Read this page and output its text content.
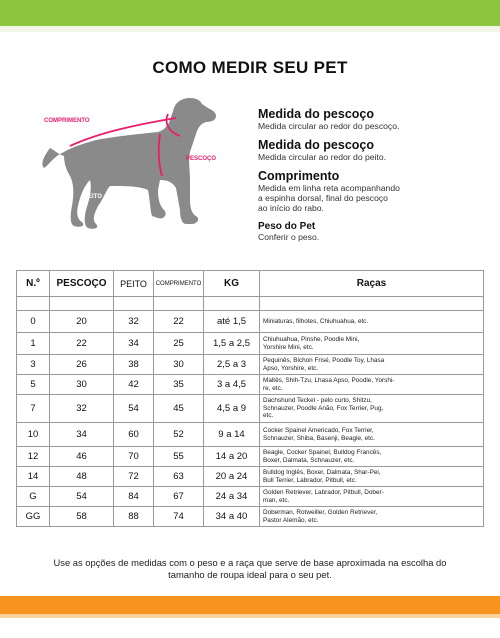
COMO MEDIR SEU PET
COMPRIMENTO
PESCOÇO
PEITO
Medida do pescoço
Medida circular ao redor do pescoço.
Medida do pescoço
Medida circular ao redor do peito.
Comprimento
Medida em linha reta acompanhando
a espinha dorsal, final do pescoço
ao início do rabo.
Peso do Pet
Conferir o peso.
N.º	PESCOÇO	PEITO	COMPRIMENTO	KG	Raças

0	20	32	22	até 1,5	Miniaturas, filhotes, Chiuhuahua, etc.

1	22	34	25	1,5 a 2,5	Chiuhuahua, Pinshe, Poodle Mini,
Yorshire Mini, etc.

3	26	38	30	2,5 a 3	Pequinês, Bichon Frisé, Poodle Toy, Lhasa
Apso, Yorshire, etc.

5	30	42	35	3 a 4,5	Maltês, Shih-Tzu, Lhasa Apso, Poodle, Yorshi-
re, etc.

7	32	54	45	4,5 a 9	Dachshund Teckel - pelo curto, Shitzu,
Schnauzer, Poodle Anão, Fox Terrier, Pug,
etc.

10	34	60	52	9 a 14	Cocker Spainel Americado, Fox Terrier,
Schnauzer, Shiba, Basenji, Beagle, etc.

12	46	70	55	14 a 20	Beagle, Cocker Spainel, Bulldog Francês,
Boxer, Dalmata, Schnauzer, etc.

14	48	72	63	20 a 24	Bulldog Inglês, Boxer, Dalmata, Shar-Pei,
Bull Terrier, Labrador, Pitbull, etc.

G	54	84	67	24 a 34	Golden Retriever, Labrador, Pitbull, Dober-
man, etc.

GG	58	88	74	34 a 40	Doberman, Rotweiller, Golden Retriever,
Pastor Alemão, etc.

Use as opções de medidas com o peso e a raça que serve de base aproximada na escolha do tamanho de roupa ideal para o seu pet.
